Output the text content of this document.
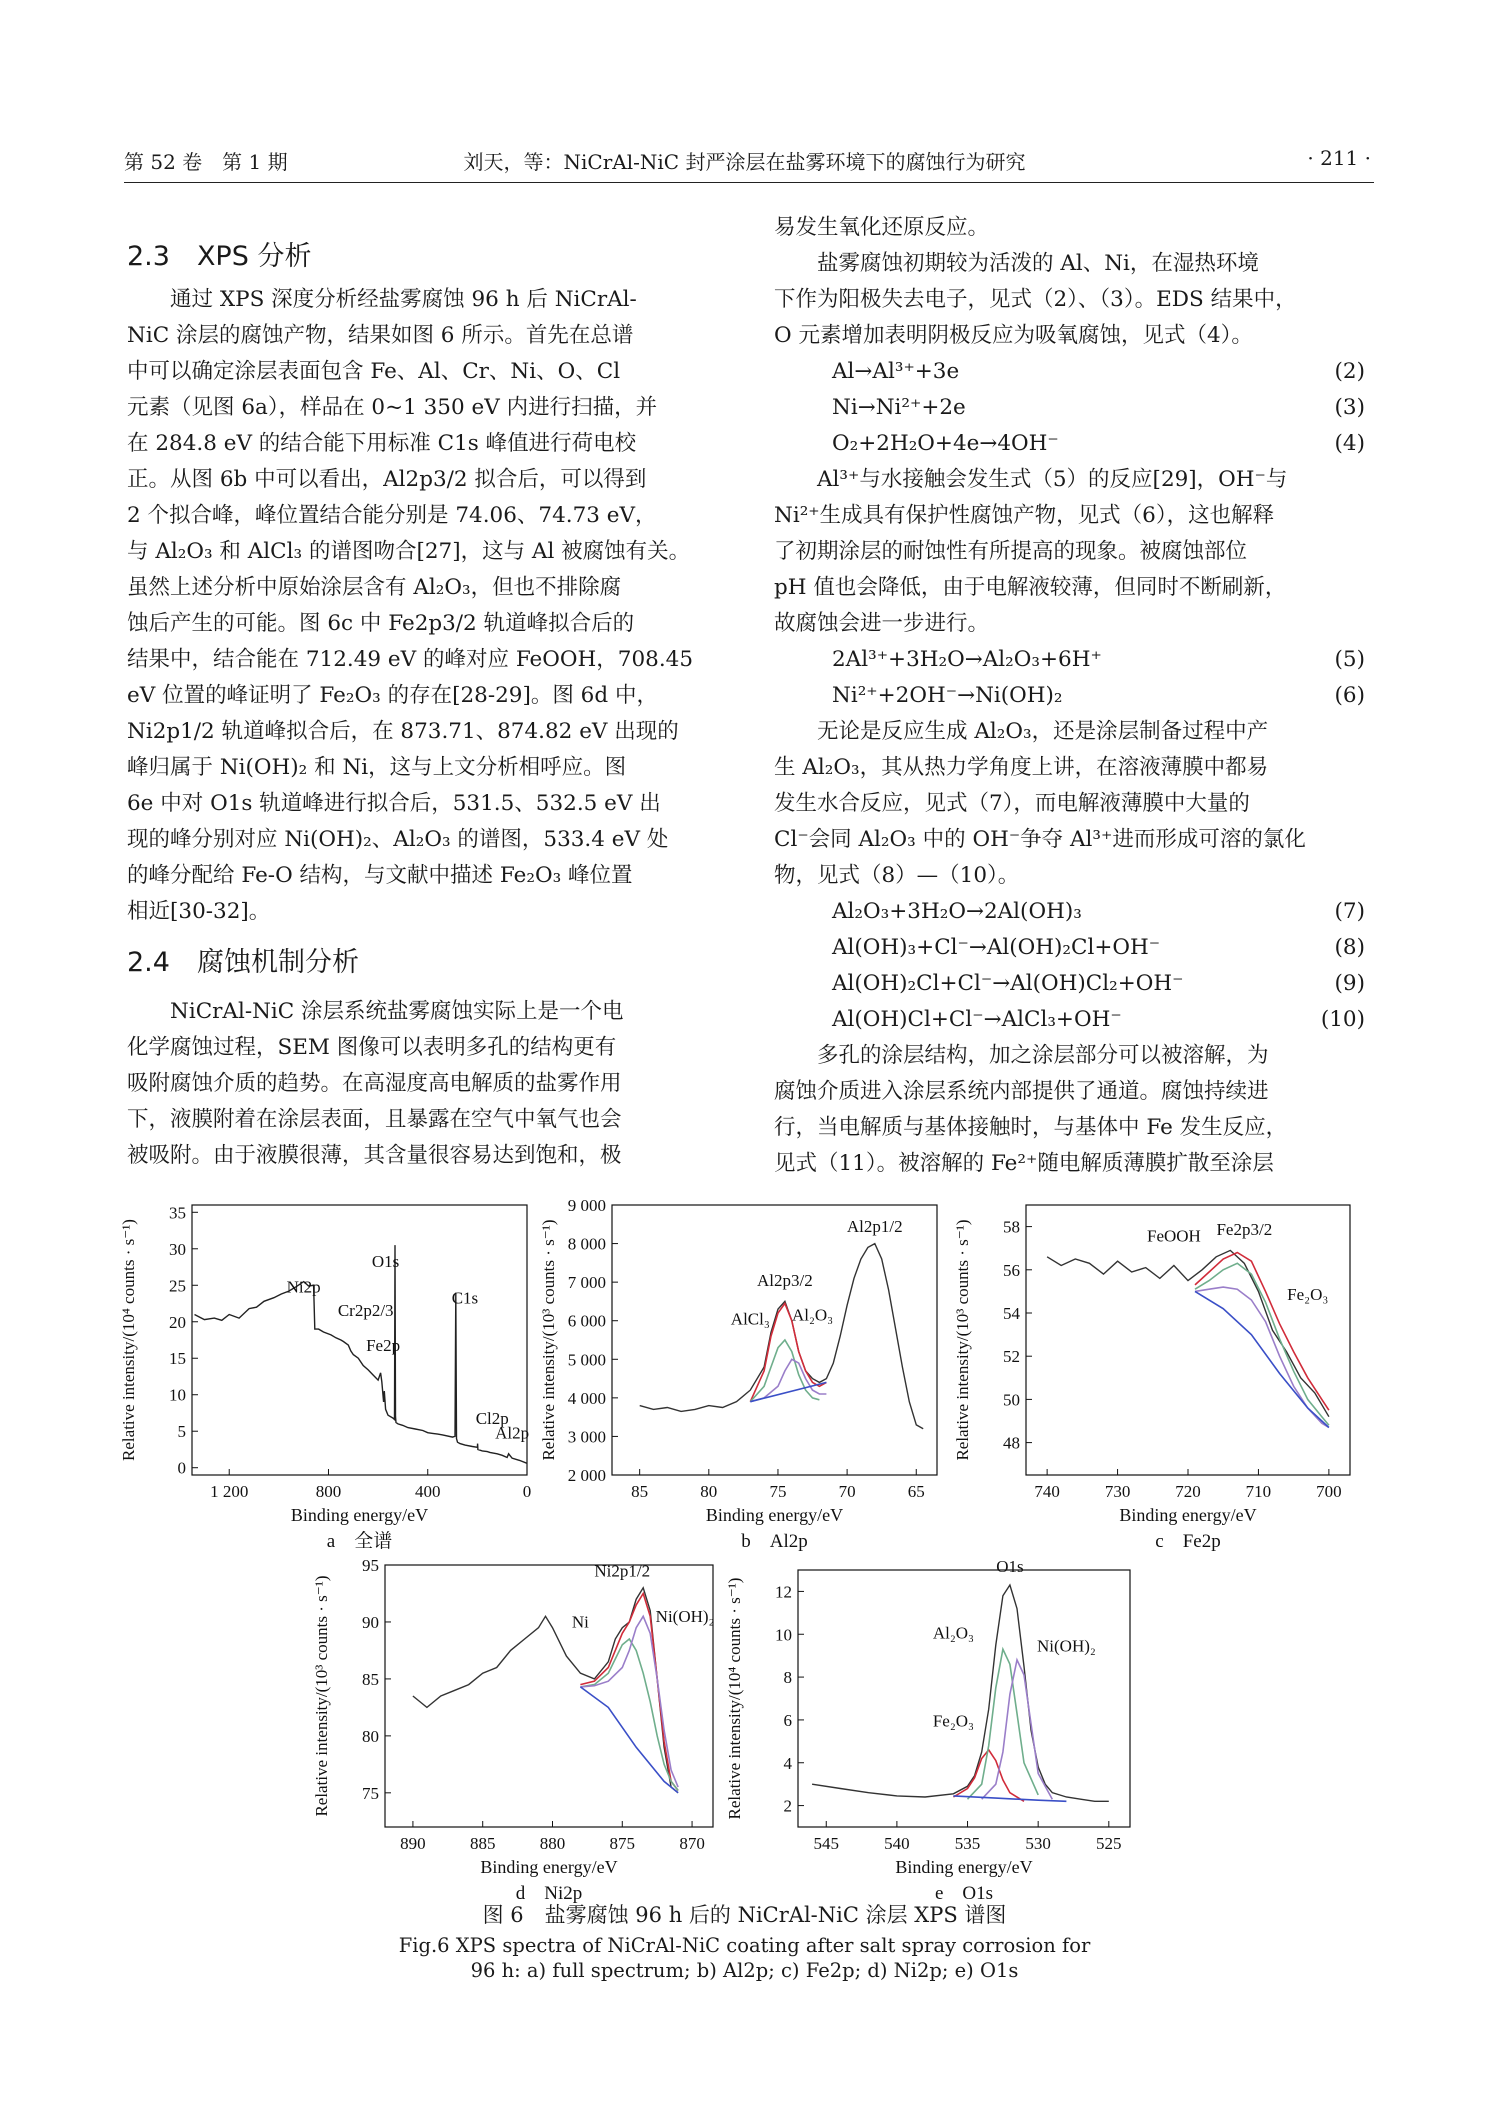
第 52 卷　 第 1 期	刘天，等：NiCrAl-NiC 封严涂层在盐雾环境下的腐蚀行为研究	· 211 ·
2.3　XPS 分析
通过 XPS 深度分析经盐雾腐蚀 96 h 后 NiCrAl-
NiC 涂层的腐蚀产物，结果如图 6 所示。首先在总谱
中可以确定涂层表面包含 Fe、Al、Cr、Ni、O、Cl
元素（见图 6a），样品在 0~1 350 eV 内进行扫描，并
在 284.8 eV 的结合能下用标准 C1s 峰值进行荷电校
正。从图 6b 中可以看出，Al2p3/2 拟合后，可以得到
2 个拟合峰，峰位置结合能分别是 74.06、74.73 eV，
与 Al₂O₃ 和 AlCl₃ 的谱图吻合[27]，这与 Al 被腐蚀有关。
虽然上述分析中原始涂层含有 Al₂O₃，但也不排除腐
蚀后产生的可能。图 6c 中 Fe2p3/2 轨道峰拟合后的
结果中，结合能在 712.49 eV 的峰对应 FeOOH，708.45
eV 位置的峰证明了 Fe₂O₃ 的存在[28-29]。图 6d 中，
Ni2p1/2 轨道峰拟合后，在 873.71、874.82 eV 出现的
峰归属于 Ni(OH)₂ 和 Ni，这与上文分析相呼应。图
6e 中对 O1s 轨道峰进行拟合后，531.5、532.5 eV 出
现的峰分别对应 Ni(OH)₂、Al₂O₃ 的谱图，533.4 eV 处
的峰分配给 Fe-O 结构，与文献中描述 Fe₂O₃ 峰位置
相近[30-32]。
2.4　腐蚀机制分析
NiCrAl-NiC 涂层系统盐雾腐蚀实际上是一个电
化学腐蚀过程，SEM 图像可以表明多孔的结构更有
吸附腐蚀介质的趋势。在高湿度高电解质的盐雾作用
下，液膜附着在涂层表面，且暴露在空气中氧气也会
被吸附。由于液膜很薄，其含量很容易达到饱和，极
易发生氧化还原反应。
盐雾腐蚀初期较为活泼的 Al、Ni，在湿热环境
下作为阳极失去电子，见式（2）、（3）。EDS 结果中，
O 元素增加表明阴极反应为吸氧腐蚀，见式（4）。
Al→Al³⁺+3e	(2)
Ni→Ni²⁺+2e	(3)
O₂+2H₂O+4e→4OH⁻	(4)
Al³⁺与水接触会发生式（5）的反应[29]，OH⁻与
Ni²⁺生成具有保护性腐蚀产物，见式（6），这也解释
了初期涂层的耐蚀性有所提高的现象。被腐蚀部位
pH 值也会降低，由于电解液较薄，但同时不断刷新，
故腐蚀会进一步进行。
2Al³⁺+3H₂O→Al₂O₃+6H⁺	(5)
Ni²⁺+2OH⁻→Ni(OH)₂	(6)
无论是反应生成 Al₂O₃，还是涂层制备过程中产
生 Al₂O₃，其从热力学角度上讲，在溶液薄膜中都易
发生水合反应，见式（7），而电解液薄膜中大量的
Cl⁻会同 Al₂O₃ 中的 OH⁻争夺 Al³⁺进而形成可溶的氯化
物，见式（8）—（10）。
Al₂O₃+3H₂O→2Al(OH)₃	(7)
Al(OH)₃+Cl⁻→Al(OH)₂Cl+OH⁻	(8)
Al(OH)₂Cl+Cl⁻→Al(OH)Cl₂+OH⁻	(9)
Al(OH)Cl+Cl⁻→AlCl₃+OH⁻	(10)
多孔的涂层结构，加之涂层部分可以被溶解，为
腐蚀介质进入涂层系统内部提供了通道。腐蚀持续进
行，当电解质与基体接触时，与基体中 Fe 发生反应，
见式（11）。被溶解的 Fe²⁺随电解质薄膜扩散至涂层
0
5
10
15
20
25
30
35
1 200	800	400	0
Binding energy/eV
Relative intensity/(10⁴ counts · s⁻¹)	Ni2p
O1s
Cr2p2/3
Fe2p
C1s
Cl2p
Al2p
a　全谱
2 000
3 000
4 000
5 000
6 000
7 000
8 000
9 000
85	80	75	70	65
Binding energy/eV
Relative intensity/(10³ counts · s⁻¹)	Al2p1/2
Al2p3/2
AlCl₃ Al₂O₃
b　Al2p
48
50
52
54
56
58
740	730	720	710	700
Binding energy/eV
Relative intensity/(10³ counts · s⁻¹)	FeOOH Fe2p3/2
Fe₂O₃
c　Fe2p
75
80
85
90
95
890	885	880	875	870
Binding energy/eV
Relative intensity/(10³ counts · s⁻¹)
Ni2p1/2
Ni	Ni(OH)₂
d　Ni2p
2
4
6
8
10
12
545	540	535	530	525
Binding energy/eV
Relative intensity/(10⁴ counts · s⁻¹)
O1s
Al₂O₃
Ni(OH)₂
Fe₂O₃
e　O1s
图 6　盐雾腐蚀 96 h 后的 NiCrAl-NiC 涂层 XPS 谱图
Fig.6 XPS spectra of NiCrAl-NiC coating after salt spray corrosion for
96 h: a) full spectrum; b) Al2p; c) Fe2p; d) Ni2p; e) O1s
